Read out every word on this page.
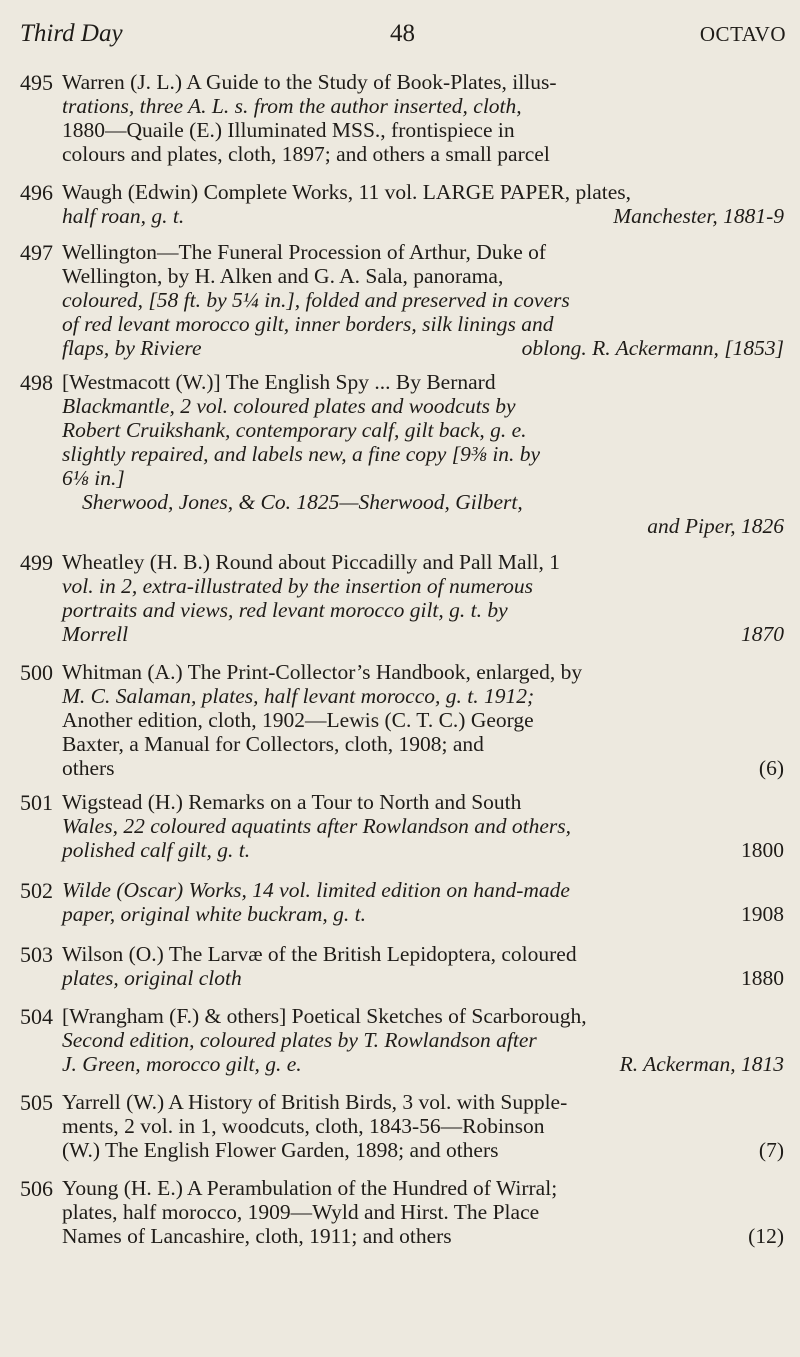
Third Day	48	OCTAVO
495 Warren (J. L.) A Guide to the Study of Book-Plates, illus-
trations, three A. L. s. from the author inserted, cloth,
1880—Quaile (E.) Illuminated MSS., frontispiece in
colours and plates, cloth, 1897; and others a small parcel
496 Waugh (Edwin) Complete Works, 11 vol. LARGE PAPER, plates,
half roan, g. t.	Manchester, 1881-9
497 Wellington—The Funeral Procession of Arthur, Duke of
Wellington, by H. Alken and G. A. Sala, panorama,
coloured, [58 ft. by 5¼ in.], folded and preserved in covers
of red levant morocco gilt, inner borders, silk linings and
flaps, by Riviere	oblong. R. Ackermann, [1853]
498 [Westmacott (W.)] The English Spy ... By Bernard
Blackmantle, 2 vol. coloured plates and woodcuts by
Robert Cruikshank, contemporary calf, gilt back, g. e.
slightly repaired, and labels new, a fine copy [9⅜ in. by
6⅛ in.]
Sherwood, Jones, & Co. 1825—Sherwood, Gilbert,
and Piper, 1826
499 Wheatley (H. B.) Round about Piccadilly and Pall Mall, 1
vol. in 2, extra-illustrated by the insertion of numerous
portraits and views, red levant morocco gilt, g. t. by
Morrell	1870
500 Whitman (A.) The Print-Collector’s Handbook, enlarged, by
M. C. Salaman, plates, half levant morocco, g. t. 1912;
Another edition, cloth, 1902—Lewis (C. T. C.) George
Baxter, a Manual for Collectors, cloth, 1908; and
others	(6)
501 Wigstead (H.) Remarks on a Tour to North and South
Wales, 22 coloured aquatints after Rowlandson and others,
polished calf gilt, g. t.	1800
502 Wilde (Oscar) Works, 14 vol. limited edition on hand-made
paper, original white buckram, g. t.	1908
503 Wilson (O.) The Larvæ of the British Lepidoptera, coloured
plates, original cloth	1880
504 [Wrangham (F.) & others] Poetical Sketches of Scarborough,
Second edition, coloured plates by T. Rowlandson after
J. Green, morocco gilt, g. e.	R. Ackerman, 1813
505 Yarrell (W.) A History of British Birds, 3 vol. with Supple-
ments, 2 vol. in 1, woodcuts, cloth, 1843-56—Robinson
(W.) The English Flower Garden, 1898; and others	(7)
506 Young (H. E.) A Perambulation of the Hundred of Wirral;
plates, half morocco, 1909—Wyld and Hirst. The Place
Names of Lancashire, cloth, 1911; and others	(12)
